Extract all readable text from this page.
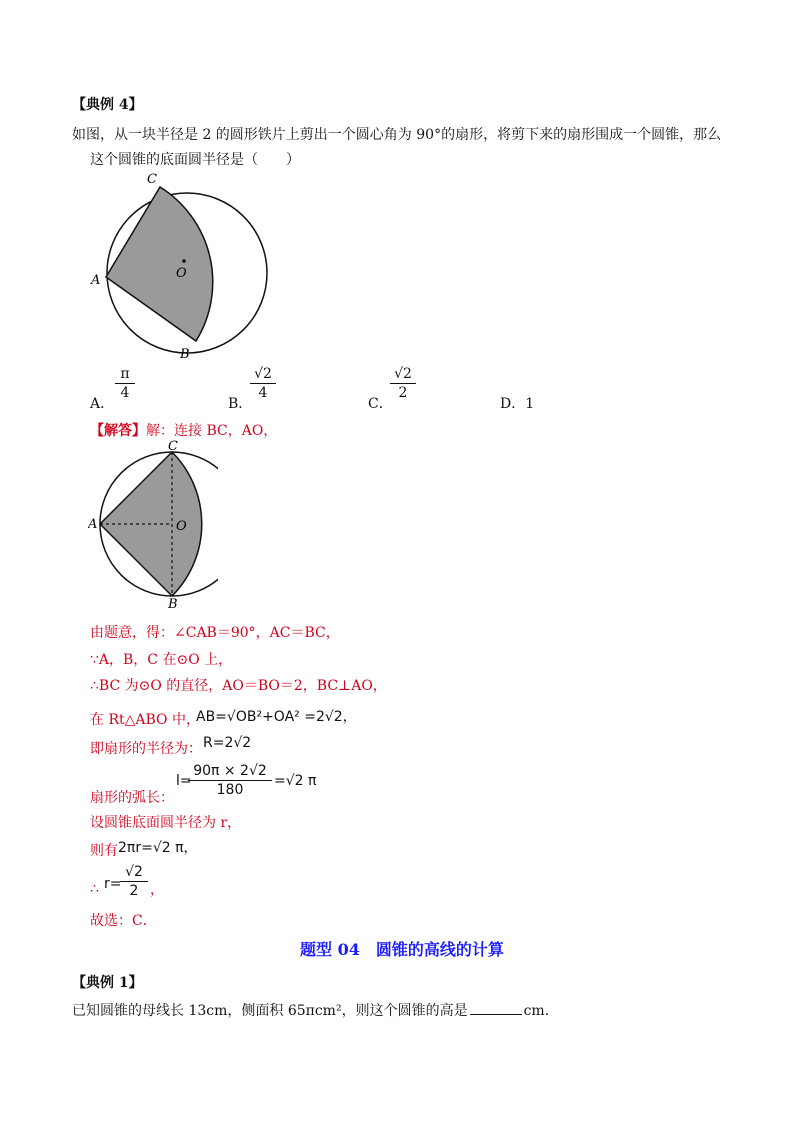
【典例 4】
如图，从一块半径是 2 的圆形铁片上剪出一个圆心角为 90°的扇形，将剪下来的扇形围成一个圆锥，那么
这个圆锥的底面圆半径是（　　）
C
A	O
B
A．
π
4
B．
√2
4
C．
√2
2
D．1
【解答】解：连接 BC，AO，
C
A	O
B
由题意，得：∠CAB＝90°，AC＝BC，
∵A，B，C 在⊙O 上，
∴BC 为⊙O 的直径，AO＝BO＝2，BC⊥AO，
在 Rt△ABO 中，
AB=√OB²+OA² =2√2，
即扇形的半径为： R=2√2
扇形的弧长：
l=
90π × 2√2
180
=√2 π
设圆锥底面圆半径为 r，
则有 2πr=√2 π，
∴ r=
√2
2 ，
故选：C．
题型 04　圆锥的高线的计算
【典例 1】
已知圆锥的母线长 13cm，侧面积 65πcm²，则这个圆锥的高是	cm．
